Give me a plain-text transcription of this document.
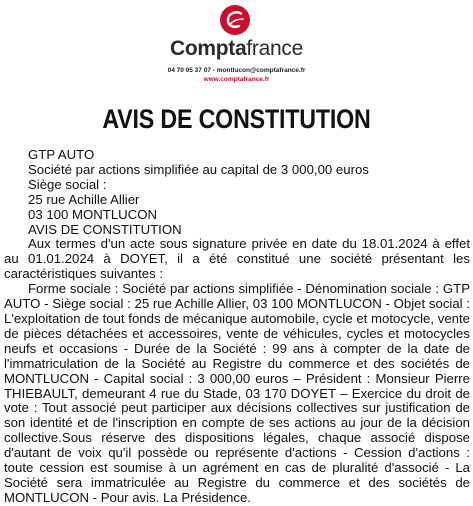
Comptafrance
04 70 05 37 07 - montlucon@comptafrance.fr
www.comptafrance.fr
AVIS DE CONSTITUTION
GTP AUTO
Société par actions simplifiée au capital de 3 000,00 euros
Siège social :
25 rue Achille Allier
03 100 MONTLUCON
AVIS DE CONSTITUTION

Aux termes d'un acte sous signature privée en date du 18.01.2024 à effet au 01.01.2024 à DOYET, il a été constitué une société présentant les caractéristiques suivantes :

Forme sociale : Société par actions simplifiée - Dénomination sociale : GTP AUTO - Siège social : 25 rue Achille Allier, 03 100 MONTLUCON - Objet social : L'exploitation de tout fonds de mécanique automobile, cycle et motocycle, vente de pièces détachées et accessoires, vente de véhicules, cycles et motocycles neufs et occasions - Durée de la Société : 99 ans à compter de la date de l'immatriculation de la Société au Registre du commerce et des sociétés de MONTLUCON - Capital social : 3 000,00 euros – Président : Monsieur Pierre THIEBAULT, demeurant 4 rue du Stade, 03 170 DOYET – Exercice du droit de vote : Tout associé peut participer aux décisions collectives sur justification de son identité et de l'inscription en compte de ses actions au jour de la décision collective.Sous réserve des dispositions légales, chaque associé dispose d'autant de voix qu'il possède ou représente d'actions - Cession d'actions : toute cession est soumise à un agrément en cas de pluralité d'associé - La Société sera immatriculée au Registre du commerce et des sociétés de MONTLUCON - Pour avis. La Présidence.
